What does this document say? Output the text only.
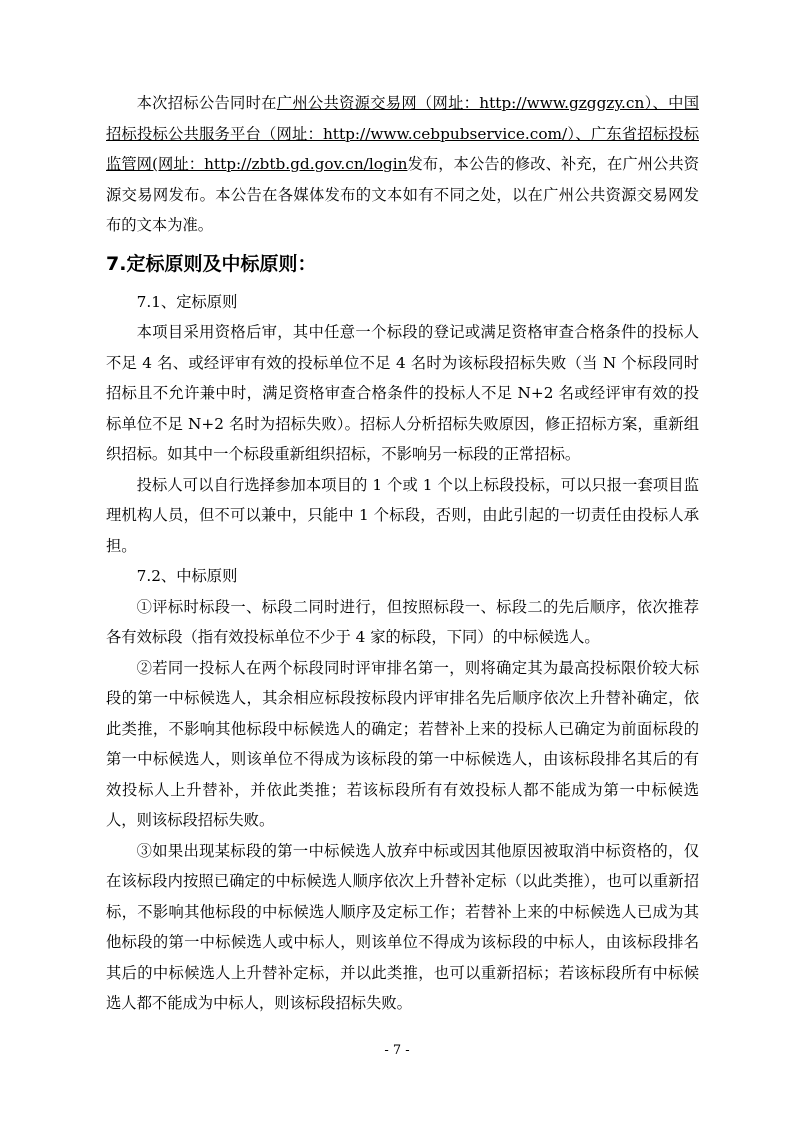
本次招标公告同时在广州公共资源交易网（网址：http://www.gzggzy.cn）、中国招标投标公共服务平台（网址：http://www.cebpubservice.com/）、广东省招标投标监管网(网址：http://zbtb.gd.gov.cn/login发布，本公告的修改、补充，在广州公共资源交易网发布。本公告在各媒体发布的文本如有不同之处，以在广州公共资源交易网发布的文本为准。

7.定标原则及中标原则：

7.1、定标原则

本项目采用资格后审，其中任意一个标段的登记或满足资格审查合格条件的投标人不足 4 名、或经评审有效的投标单位不足 4 名时为该标段招标失败（当 N 个标段同时招标且不允许兼中时，满足资格审查合格条件的投标人不足 N+2 名或经评审有效的投标单位不足 N+2 名时为招标失败）。招标人分析招标失败原因，修正招标方案，重新组织招标。如其中一个标段重新组织招标，不影响另一标段的正常招标。

投标人可以自行选择参加本项目的 1 个或 1 个以上标段投标，可以只报一套项目监理机构人员，但不可以兼中，只能中 1 个标段，否则，由此引起的一切责任由投标人承担。

7.2、中标原则

①评标时标段一、标段二同时进行，但按照标段一、标段二的先后顺序，依次推荐各有效标段（指有效投标单位不少于 4 家的标段，下同）的中标候选人。

②若同一投标人在两个标段同时评审排名第一，则将确定其为最高投标限价较大标段的第一中标候选人，其余相应标段按标段内评审排名先后顺序依次上升替补确定，依此类推，不影响其他标段中标候选人的确定；若替补上来的投标人已确定为前面标段的第一中标候选人，则该单位不得成为该标段的第一中标候选人，由该标段排名其后的有效投标人上升替补，并依此类推；若该标段所有有效投标人都不能成为第一中标候选人，则该标段招标失败。

③如果出现某标段的第一中标候选人放弃中标或因其他原因被取消中标资格的，仅在该标段内按照已确定的中标候选人顺序依次上升替补定标（以此类推），也可以重新招标，不影响其他标段的中标候选人顺序及定标工作；若替补上来的中标候选人已成为其他标段的第一中标候选人或中标人，则该单位不得成为该标段的中标人，由该标段排名其后的中标候选人上升替补定标，并以此类推，也可以重新招标；若该标段所有中标候选人都不能成为中标人，则该标段招标失败。

- 7 -
